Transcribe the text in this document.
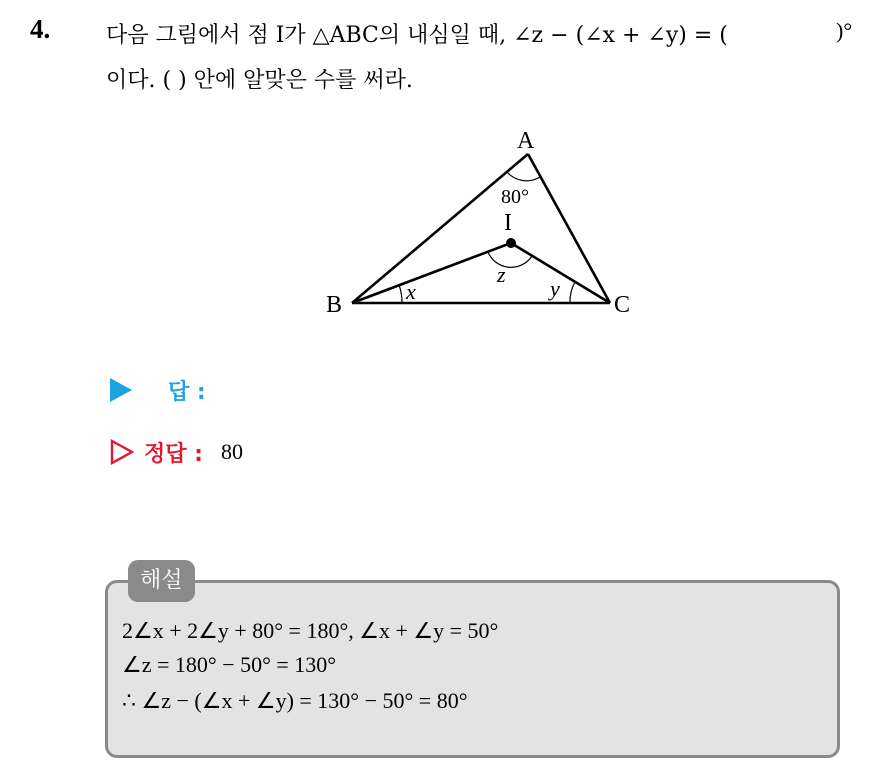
4.	다음 그림에서 점 I가 △ABC의 내심일 때, ∠z − (∠x + ∠y) = (	)°
이다. ( ) 안에 알맞은 수를 써라.
A
B	C
I
80°
z
x	y
답 :
정답 : 80
해설
2∠x + 2∠y + 80° = 180°, ∠x + ∠y = 50°
∠z = 180° − 50° = 130°
∴ ∠z − (∠x + ∠y) = 130° − 50° = 80°
